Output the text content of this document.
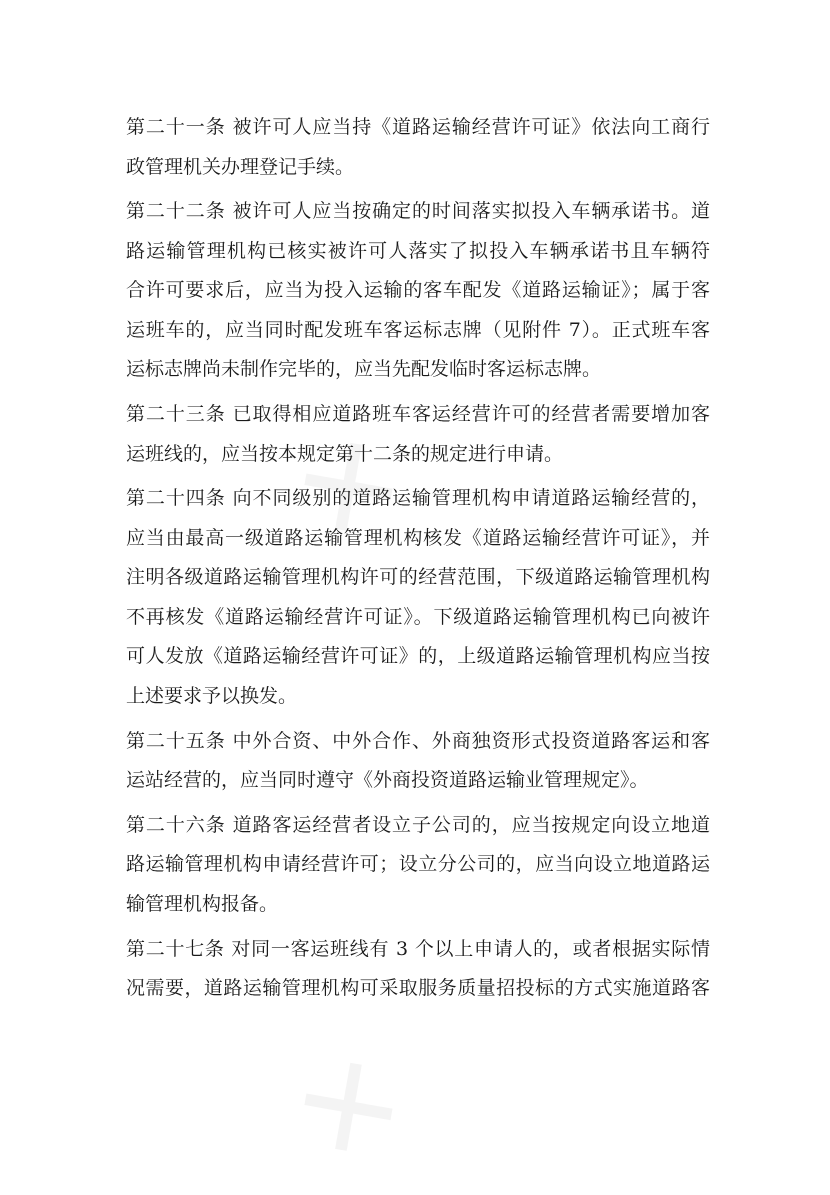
第二十一条 被许可人应当持《道路运输经营许可证》依法向工商行
政管理机关办理登记手续。
第二十二条 被许可人应当按确定的时间落实拟投入车辆承诺书。道
路运输管理机构已核实被许可人落实了拟投入车辆承诺书且车辆符
合许可要求后，应当为投入运输的客车配发《道路运输证》；属于客
运班车的，应当同时配发班车客运标志牌（见附件 7）。正式班车客
运标志牌尚未制作完毕的，应当先配发临时客运标志牌。
第二十三条 已取得相应道路班车客运经营许可的经营者需要增加客
运班线的，应当按本规定第十二条的规定进行申请。
第二十四条 向不同级别的道路运输管理机构申请道路运输经营的，
应当由最高一级道路运输管理机构核发《道路运输经营许可证》，并
注明各级道路运输管理机构许可的经营范围，下级道路运输管理机构
不再核发《道路运输经营许可证》。下级道路运输管理机构已向被许
可人发放《道路运输经营许可证》的，上级道路运输管理机构应当按
上述要求予以换发。
第二十五条 中外合资、中外合作、外商独资形式投资道路客运和客
运站经营的，应当同时遵守《外商投资道路运输业管理规定》。
第二十六条 道路客运经营者设立子公司的，应当按规定向设立地道
路运输管理机构申请经营许可；设立分公司的，应当向设立地道路运
输管理机构报备。
第二十七条 对同一客运班线有 3 个以上申请人的，或者根据实际情
况需要，道路运输管理机构可采取服务质量招投标的方式实施道路客
